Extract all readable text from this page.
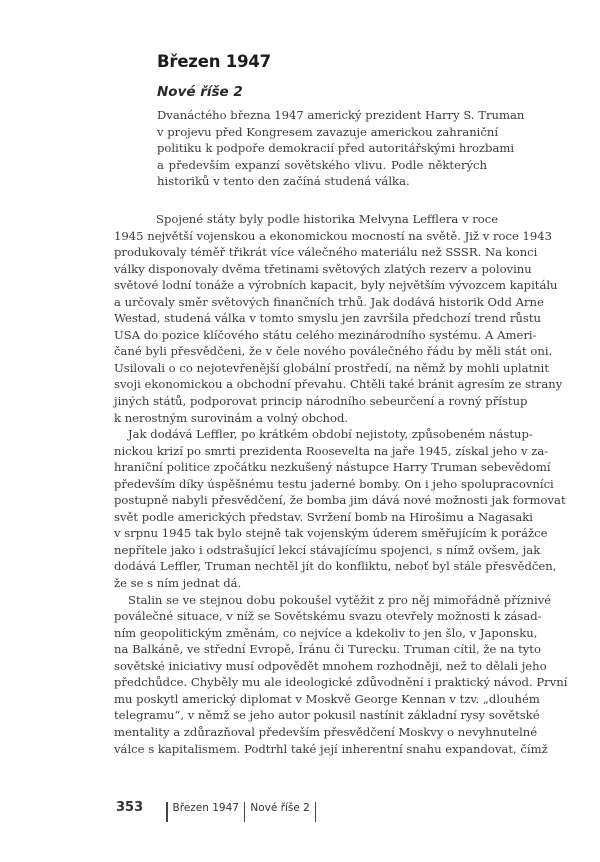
Březen 1947
Nové říše 2
Dvanáctého března 1947 americký prezident Harry S. Truman
v projevu před Kongresem zavazuje americkou zahraniční
politiku k podpoře demokracií před autoritářskými hrozbami
a především expanzí sovětského vlivu. Podle některých
historiků v tento den začíná studená válka.
Spojené státy byly podle historika Melvyna Lefflera v roce
1945 největší vojenskou a ekonomickou mocností na světě. Již v roce 1943
produkovaly téměř třikrát více válečného materiálu než SSSR. Na konci
války disponovaly dvěma třetinami světových zlatých rezerv a polovinu
světové lodní tonáže a výrobních kapacit, byly největším vývozcem kapitálu
a určovaly směr světových finančních trhů. Jak dodává historik Odd Arne
Westad, studená válka v tomto smyslu jen završila předchozí trend růstu
USA do pozice klíčového státu celého mezinárodního systému. A Ameri-
čané byli přesvědčeni, že v čele nového poválečného řádu by měli stát oni.
Usilovali o co nejotevřenější globální prostředí, na němž by mohli uplatnit
svoji ekonomickou a obchodní převahu. Chtěli také bránit agresím ze strany
jiných států, podporovat princip národního sebeurčení a rovný přístup
k nerostným surovinám a volný obchod.
Jak dodává Leffler, po krátkém období nejistoty, způsobeném nástup-
nickou krizí po smrti prezidenta Roosevelta na jaře 1945, získal jeho v za-
hraniční politice zpočátku nezkušený nástupce Harry Truman sebevědomí
především díky úspěšnému testu jaderné bomby. On i jeho spolupracovníci
postupně nabyli přesvědčení, že bomba jim dává nové možnosti jak formovat
svět podle amerických představ. Svržení bomb na Hirošimu a Nagasaki
v srpnu 1945 tak bylo stejně tak vojenským úderem směřujícím k porážce
nepřítele jako i odstrašující lekcí stávajícímu spojenci, s nímž ovšem, jak
dodává Leffler, Truman nechtěl jít do konfliktu, neboť byl stále přesvědčen,
že se s ním jednat dá.
Stalin se ve stejnou dobu pokoušel vytěžit z pro něj mimořádně příznivé
poválečné situace, v níž se Sovětskému svazu otevřely možnosti k zásad-
ním geopolitickým změnám, co nejvíce a kdekoliv to jen šlo, v Japonsku,
na Balkáně, ve střední Evropě, Íránu či Turecku. Truman cítil, že na tyto
sovětské iniciativy musí odpovědět mnohem rozhodněji, než to dělali jeho
předchůdce. Chyběly mu ale ideologické zdůvodnění i praktický návod. První
mu poskytl americký diplomat v Moskvě George Kennan v tzv. „dlouhém
telegramu“, v němž se jeho autor pokusil nastínit základní rysy sovětské
mentality a zdůrazňoval především přesvědčení Moskvy o nevyhnutelné
válce s kapitalismem. Podtrhl také její inherentní snahu expandovat, čímž
353	Březen 1947 Nové říše 2
